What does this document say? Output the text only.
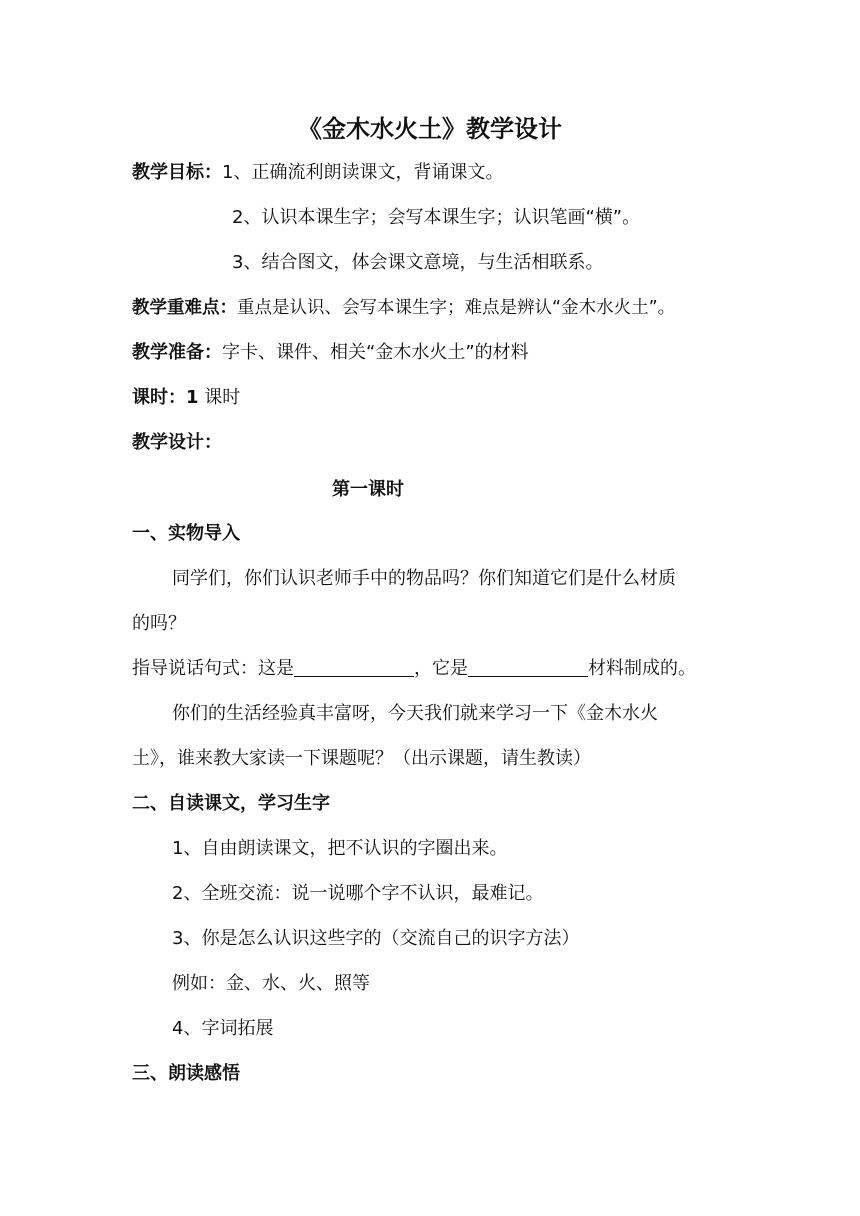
《金木水火土》教学设计
教学目标：1、正确流利朗读课文，背诵课文。
2、认识本课生字；会写本课生字；认识笔画“横”。
3、结合图文，体会课文意境，与生活相联系。
教学重难点：重点是认识、会写本课生字；难点是辨认“金木水火土”。
教学准备：字卡、课件、相关“金木水火土”的材料
课时：1 课时
教学设计：
第一课时
一、实物导入
同学们，你们认识老师手中的物品吗？你们知道它们是什么材质
的吗？
指导说话句式：这是	，它是	材料制成的。
你们的生活经验真丰富呀，今天我们就来学习一下《金木水火
土》，谁来教大家读一下课题呢？（出示课题，请生教读）
二、自读课文，学习生字
1、自由朗读课文，把不认识的字圈出来。
2、全班交流：说一说哪个字不认识，最难记。
3、你是怎么认识这些字的（交流自己的识字方法）
例如：金、水、火、照等
4、字词拓展
三、朗读感悟
